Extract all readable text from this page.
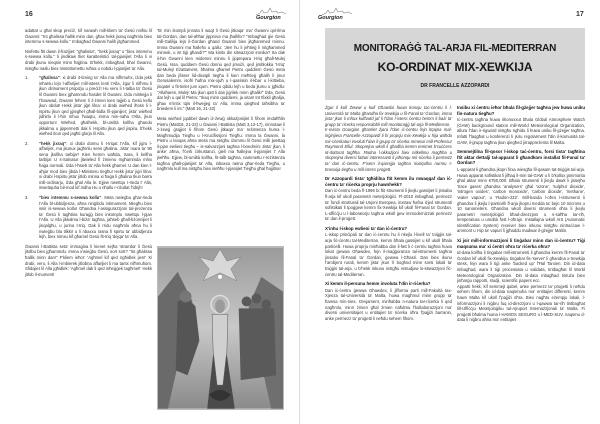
16	Gourgion

adattat u għal skop preċiż, kif narawh mill-kliem ta' Ġesù nnifsu lil Ġwanni: "Int għalissa ħallik minn dan, għax hekk jixraq nagħmlu biex intemmu s-sewwa kollu." Imbagħad Ġwanni ħalih jitgħammed.

Ninfettu ftit dawn il-frażijiet: "għalissa", "hekk jixraq" u "biex intemmu s-sewwa kollu." li jindikaw tliet karatteristiċi tal-pjanijiet t'Alla li xi drabi jkunu nieqsin minn ħajjitna. B'hekk, imbagħad, bħal Ġwanni, nistgħu naslu biex nissottomettu ruħna u nobdu l-pjanijiet ta' Alla.

1.	"għalissa": xi drabi it-timing ta' Alla ma nifhmuhx, iżda jekk inħarsu lejn l-affarijiet mill-istess lenti t'Alla, żgur li nifhmu li jkun dirinament propizju u preċiż! Hu veru li t-talba ta' Ġesù lil Ġwanni biex jgħammdu ħasdet lil Ġwanni. Iżda minkejja li t'hawwad, Ġwanni fehem li ż-żmien kien tajjeb u Ġesù kellu jkun obdut! Hekk jista' jiġri lilna: xi drabi wieħed iħoss li l-Ispirtu jkun qed jġiegħel għall-bidla fil-pjanijiet; jista' wieħed jidhirlu li l-ħin mhux f'waqtu, imma min-naħa t'Alla, jkun opportun! Wieħed, għalhekk, bl-umiltà kollha għandu jikkalma u jippermetti dak li l-Ispirtu jkun qed jispira, b'hekk wieħed ikun qed jagħti glorja lil Alla.
2.	"hekk jixraq": xi drabi donnu li t-triqat t'Alla, kif jiġru l-affarijiet, ma jkunux jagħmlu sens għalina. Jista' mara ta' 90 sena jkollha tarbija? Kien hemm waħda, Sara, li kellha tarbija! U s-Salvatur jitwieled fi żmienu mgħammda mhix ħaġa normali. Iżda l-ħsieb ta' Alla hekk għamel. U dan kien l-aħjar mod biex jibda l-Ministeru tiegħu! Hekk jista' jiġri lilna: xi drabi l-Ispirtu jista' jitlob minna xi ħaġa li għalina tkun barra mill-ordinarju, iżda għal Alla le. Ejjew nwettqu r-rieda t' Alla, inwettquha bil-mod kif iridha Hu u nħallu r-riżultat f'idejh!
3.	"biex intemmu s-sewwa kollu". Meta nwieġbu għar-rieda t'Alla bl-ubbidjenza, aħna ninġibdu intimament. Miegħu biex issir is-sewwa kollu! Għandna l-assigurazzjoni tal-preżenza ta' Ġesù li tagħtina kuraġġ biex inkomplu nwettqu l-pjan t'Alla. U Alla jikkalma l-biża' tagħna, jaħseb għall-bżonnijiet li jinqalgħu, u jurina t-triq. Dak li rridu nagħmlu aħna hu li nwieġbu bla tlikkir u li nbaxxu rasna fi spirtu ta' ubbidjenza lejh, biex nimxu kif għamel Ġesù fit-triq 'dejqa' ta' Alla.

Ġwanni l-Battista seta' immaġina li kienet sejħa 'stramba' li Ġesù jitolbu biex jgħammdu. Imma x'wieġbu Ġesù, sort sort? "Int għalissa ħallik minn dan!" F'kliem ieħor: 'Agħmel kif qed ngħidlek jien!' Xi drabi, veru, li Alla l-imbierek jitlobna affarijiet li ma tantx nifhmuhom. Sfidajiet lil Alla jgħidlek: 'Agħmel dak li qed inħeġġek tagħmel!' Hekk jitlob il-mument!

Ta' min ikompli jinnota li waqt li Ġesù jitkaqa' ma' Ġwanni qol-ilma tal-Ġordan, dan tal-aħħar jipprova ma jħallihx? "Imbagħad ġie Ġesù mill-Galilija lejn il-Ġordan għand Ġwanni biex jitgħammed minnu. Imma Ġwanni ma ħallehx u qallu: 'Jien hu li jeħtieġ li nitgħammed minnek, u int tiġi għandi?'" Ma kinitx din sitwazzjoni ironika? Sa dak il-ħin Ġwanni kien midemni minnu li jipprepara t-triq għall-Mulej Ġesù. Issa, quddiem Ġesù donnu qed jimxiżi, qed jimblokka 't-triq' tal-Mulej! Eżattament, bħalma għamel Pietru quddiem Ġesù meta dan beda jfisser lid-dixxipli tiegħu li kien meħtieġ għalih li jmur Ġerusalemm, isofri ħafna mix-xjuħ u l-qassisin il-kbar u l-kittieba, jinqatel u fit-tielet jum iqum. Pietru qibdu lejh u beda jlumu u jgħidlu: "Allaħares, Mulej! Ma jkun qatt li dan jiġrilek minn għalik!" Iżda, Ġesù dar lejh u qal lil Pietru: "Ikaq minn quddiemi, ja xitan! Int tfixkil għalija, għax m'intix tqis il-ħwejjeġ ta' Alla, imma qiegħed taħsibha ta' bniedem li int." (Matt 16, 21-23)

Meta wieħed jqabbel dawn iż-żewġ okkażjonijiet li fihom imdaħħlin Pietru (Matt16, 21-23) u Ġwanni l-Battista (Matt 3,13-17), ninnotaw li ż-żewġ ġrajjiet li fihom Ġesù jitkaqa' ma' reżistenza huma l-Magħmudija Tiegħu u l-Kruċifissjoni Tiegħu. Imma la Ġwanni, la Pietru u lanqas aħna stess ma setgħu iżommu lil Ġesù milli jwettaq il-pjan ewlieni tiegħu – is-salvazzjoni tagħna l-bnedmin! Jista' jkun, li anke' aħna, f'ċerti ċirkustanzi, ġieli ma ħallejna il-pjanijiet t' Alla jseħħu. Ejjew, bl-umiltà kollha, fit-talb tagħna, nammettu r-reżistenza tagħna għall-pjanijiet ta' Alla, inbaxxu rasna għar-rieda Tiegħu, u nagħmlu kull ma nistgħu biex iseħħu l-pjanijiet Tiegħu għal ħajjitna!

Gourgion	17
MONITORAĠĠ TAL-ARJA FIL-MEDITERRAN
KO-ORDINAT MIX-XEWKIJA
DR FRANCELLE AZZOPARDI

Żgur li kull Żewwi u kull Għawdxi huwa konxju taċ-ċentru li l-Università ta' Malta għandha fix-Xewkija u fil-Fanal ta' Ġordan, imma jista' jkun li mhux kulħadd jaf li f'dan l-istess ċentru hemm il-bażi ta' grupp ta' riċerka responsabbli mill-monitoraġġ tal-arja fil-Mediterran.

Ir-rivista Gourgion għamlet żjara f'dan iċ-ċentru fejn ltqajna mal-inġinjiera Francelle Azzopardi li hi proprju mix-Xewkija u hija waħda mir-riċerkaturi involuti f'dan il-grupp ta' riċerka mmexxi mill-Professur Raymond Ellul. Skoprejna wkoll li għadha kemm temmet b'suċċess id-dottorat tagħha. Ħadna l-okkażjoni biex nitkellmu magħha u skoprejna diversi fatturi interessanti li jaħonqu mir-riċerka li permezz ta' dan iċ-ċentru. F'isem il-qarrejja tagħna nixtiqulha nurmu t-tmexxija tiegħu u mill-istess proġett.

Dr Azzopardi tista' tgħidilna ftit kemm ilu mwaqqaf dan iċ-ċentru ta' riċerka proprju hawnhekk?

Dan iċ-ċentru beda fl-1996 bi ftit strumenti li jkejlu gassijiet li jinsabu fl-arja kif ukoll parametri meterjoloġiċi. Fl-2010 imbagħad, permezz ta' fondi strutturali tal-Unjoni Ewropea, inxtraw ħafna iżjed strumenti sofistikati li tpoġġew kemm fix-Xewkija kif ukoll fil-Fanal ta' Ġordan. L-uffiċċju u l-laboratorju tagħna wkoll ġew immodernizzati permezz ta' dan il-proġett.

X'inhu l-iskop ewlieni ta' dan iċ-ċentru?

L-iskop prinċipali ta' dan iċ-ċentru hu li nkejlu l-livell ta' tniġġis tal-arja fiċ-ċentru tal-Mediterran, kemm bħala gassijiet u kif ukoll bħala partiċelli. Huwa proprju minħabba dan il-fatt li ċ-ċentru tagħna huwa lokat ġewwa Għawdex, fejn il-maġġoranza tal-istrumenti tagħna jinsabu fil-Fanal ta' Ġordan, ġewwa l-Għasri. Dan biex ikunu f'ambjent rurali, kemm jista' jkun 'il bogħod minn sorsi lokali ta' tniġġis tal-arja, u b'hekk inkunu nistgħu nistudjaw is-sitwazzjoni fiċ-ċentru tal-Mediterran.

Xi kemm il-persuna hemm involuta f'din ir-riċerka?

Dan iċ-ċentru ġewwa Għawdex, li jifforma parti mill-Fakultà tax-Xjenza tal-Università ta' Malta, huwa magħmul minn grupp ta' ħamsa min-nies. Ovvjament, minħabba n-natura tar-riċerka li qed nagħmlu, minn żmien għal żmien naħdmu f'kollaborazzjoni ma' diversi universitajiet u entitajiet ta' riċerka oħra f'pajjiżi barranin, anke permezz ta' proġetti li neħdu sehem fihom.

Insibu xi ċentru ieħor bħala fil-gżejjer tagħna jew huwa uniku fin-natura tiegħu?

Iċ-ċentru tagħna huwa rikonoxxut bħala Global Atmosphere Watch (GAW) background station mill-World Meteorological Organization, allura f'dan ir-rigward nistgħu ngħidu li huwa uniku fil-gżejjer tagħna. Infatti f'laqgħat u konferenzi li jsiru regolarment f'din il-komunità tal-GAW, il-grupp tagħna jkun qiegħed jirrappreżenta lil Malta.

Semmejtilna fil-qosor l-iskop taċ-ċentru, forsi tista' tagħtina ftit aktar dettalji tal-apparat li għandkom installat fil-Fanal ta' Ġordan?

L-apparat li għandna jkopri firxa wiesgħa fil-qasam tat-tniġġis tal-arja. Huwa apparat sofistikat li jilħaq il-miri tal-GAW u li b'kollox jammonta għal aktar minn €750,000. Bħala strumenti li jkejlu dawk li jissejħu 'trace gases' għandna 'analysers' għal 'ozone', 'sulphur dioxide', 'nitrogen oxides', 'carbon monoxide', 'carbon dioxide', 'methane', 'water vapour', u 'Radon-222'. Mill-banda l-oħra l-istrumenti li għandna li jkejlu l-partiċelli fl-arja jkopru medda ta' bejn 10 microns u 10 nanometers. Għandna wkoll diversi strumenti oħra li jkejlu parametri meterjoloġiċi bħad-direzzjoni u s-saħħa tar-riħ, temperatura u umdità fost l-oħrajn. Installajna wkoll AIS (Automatic Identification System) receiver biex inkunu nistgħu nintraċċaw l-ammont u t-tip ta' vapuri li jgħaddu madwar il-gżejjer Maltin.

Xi jsir mill-informazzjoni li tinġabar minn dan iċ-ċentru? Tiġi maqsuma ma' xi ċentri oħra ta' riċerka oħra?

Id-data kollha li tinġabar mill-istrumenti li għandna kemm fil-Fanal ta' Ġordan kif ukoll fix-Xewkija, tinġabar fis-'server' li għandna x-Xewkija stess, fejn wara li tiġi anke 'backed up' f'Ħal Tarxien. Din id-data imbagħad, wara li tiġi proċessata u validata, tintbagħat lil World Meteorological Organization. Din id-data mbagħad tintuża biex jinħarġu rapporti, studji, scientific papers ecc.

Apparti hekk, kif semmejt qabel, anke permezz ta' proġetti li neħdu sehem fihom, din id-data naqsmuha ma' entitajiet differenti, kemm hawn Malta kif ukoll f'pajjiżi oħra. Biex nagħtu eżempju lokali, l-informazzjoni li niġbru fuq id-direzzjoni u l-qawwa tar-riħ tintbagħat lill-Uffiċċju Meterjoloġiku tal-Ajruport Internazzjonali ta' Malta. Fi proġetti bħalma huma l-HAMOS SEGURO u l-MED-SUV, naqsmu d-data li niġbru aħna ma' entitajiet
